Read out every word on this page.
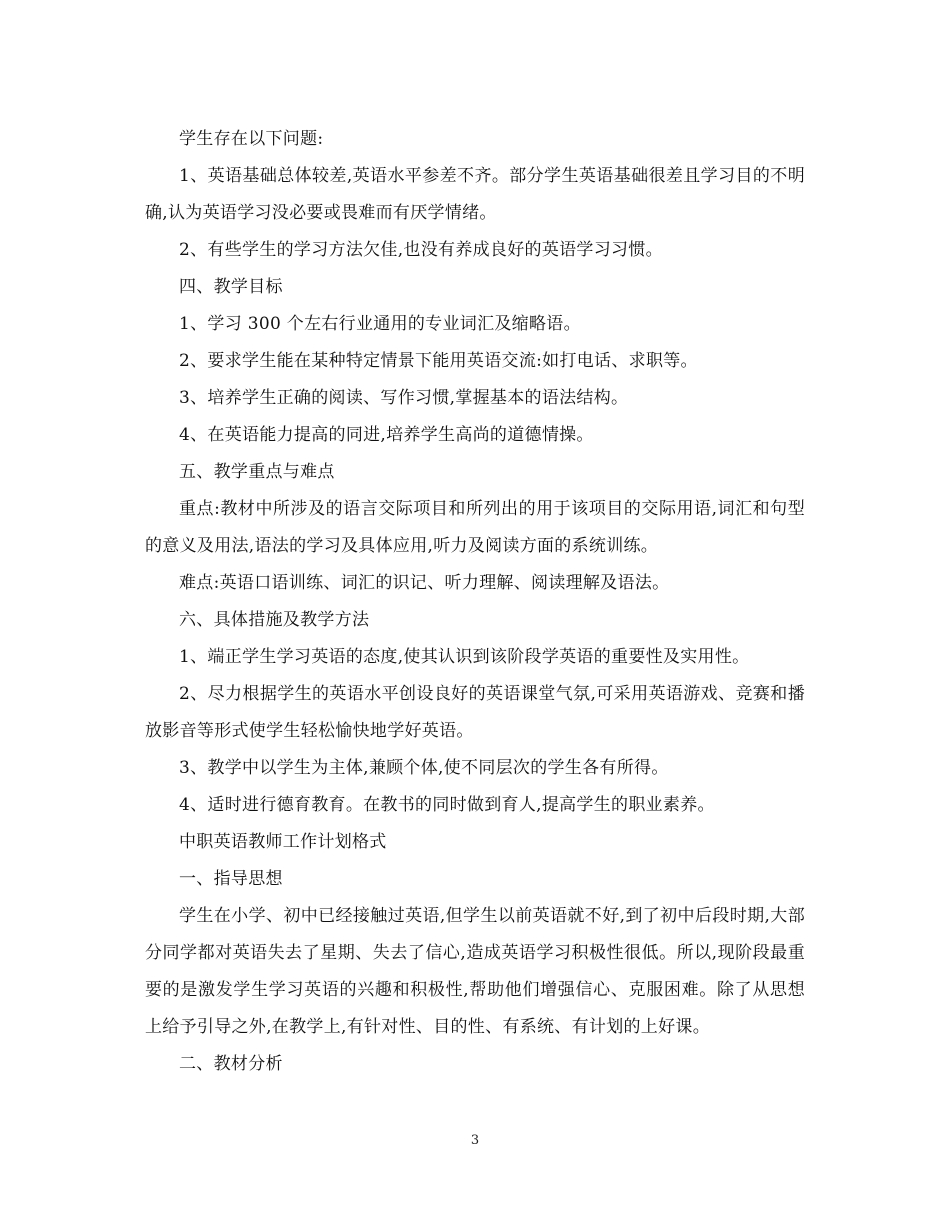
学生存在以下问题:

1、英语基础总体较差,英语水平参差不齐。部分学生英语基础很差且学习目的不明确,认为英语学习没必要或畏难而有厌学情绪。

2、有些学生的学习方法欠佳,也没有养成良好的英语学习习惯。

四、教学目标

1、学习 300 个左右行业通用的专业词汇及缩略语。

2、要求学生能在某种特定情景下能用英语交流:如打电话、求职等。

3、培养学生正确的阅读、写作习惯,掌握基本的语法结构。

4、在英语能力提高的同进,培养学生高尚的道德情操。

五、教学重点与难点

重点:教材中所涉及的语言交际项目和所列出的用于该项目的交际用语,词汇和句型的意义及用法,语法的学习及具体应用,听力及阅读方面的系统训练。

难点:英语口语训练、词汇的识记、听力理解、阅读理解及语法。

六、具体措施及教学方法

1、端正学生学习英语的态度,使其认识到该阶段学英语的重要性及实用性。

2、尽力根据学生的英语水平创设良好的英语课堂气氛,可采用英语游戏、竞赛和播放影音等形式使学生轻松愉快地学好英语。

3、教学中以学生为主体,兼顾个体,使不同层次的学生各有所得。

4、适时进行德育教育。在教书的同时做到育人,提高学生的职业素养。

中职英语教师工作计划格式

一、指导思想

学生在小学、初中已经接触过英语,但学生以前英语就不好,到了初中后段时期,大部分同学都对英语失去了星期、失去了信心,造成英语学习积极性很低。所以,现阶段最重要的是激发学生学习英语的兴趣和积极性,帮助他们增强信心、克服困难。除了从思想上给予引导之外,在教学上,有针对性、目的性、有系统、有计划的上好课。

二、教材分析

3
